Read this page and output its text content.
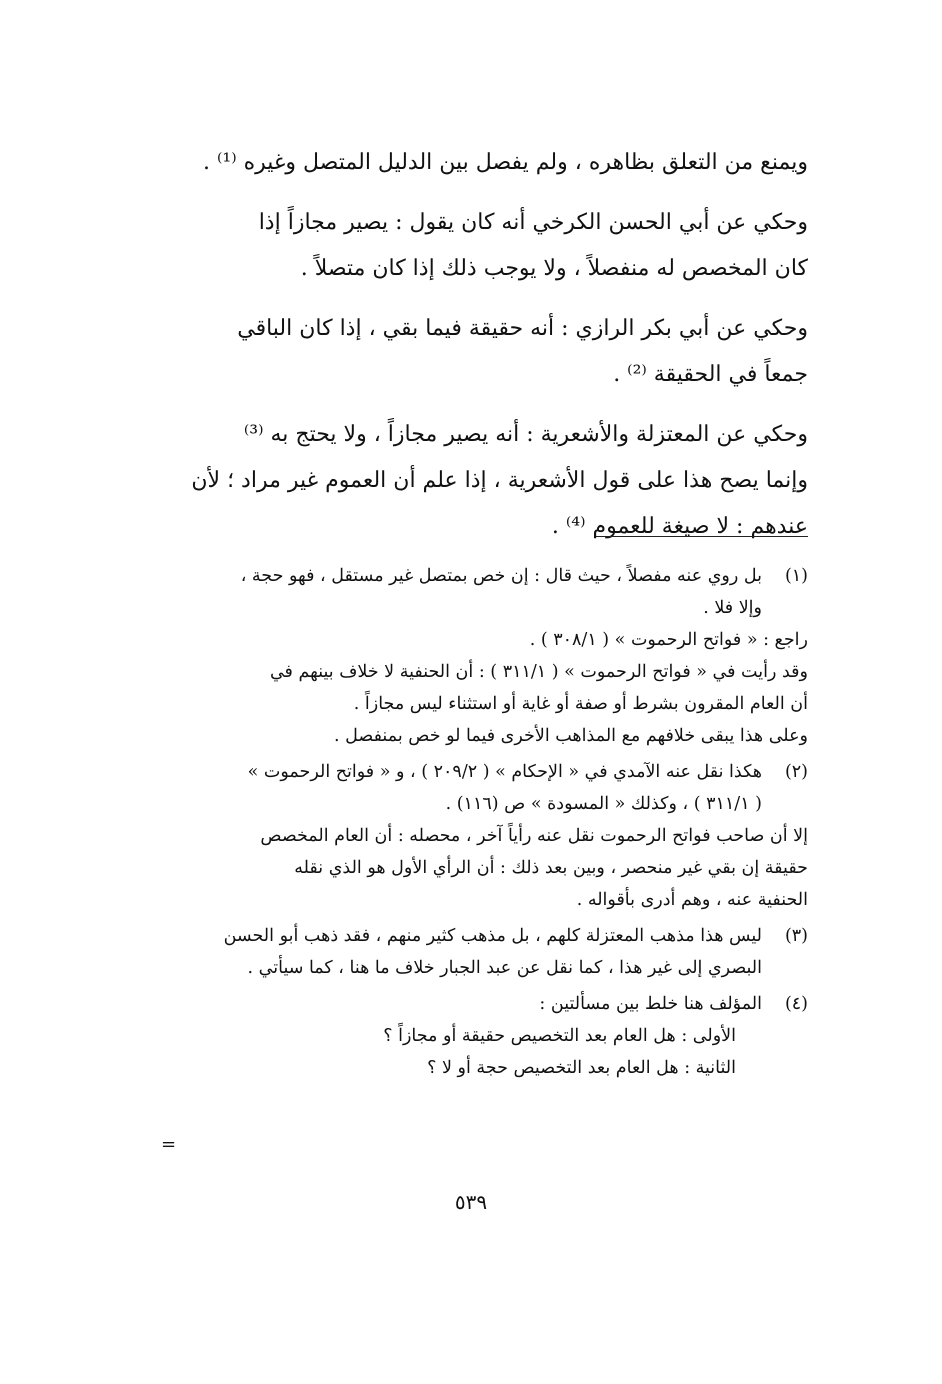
ويمنع من التعلق بظاهره ، ولم يفصل بين الدليل المتصل وغيره ⁽¹⁾ .

وحكي عن أبي الحسن الكرخي أنه كان يقول : يصير مجازاً إذا
كان المخصص له منفصلاً ، ولا يوجب ذلك إذا كان متصلاً .

وحكي عن أبي بكر الرازي : أنه حقيقة فيما بقي ، إذا كان الباقي
جمعاً في الحقيقة ⁽²⁾ .

وحكي عن المعتزلة والأشعرية : أنه يصير مجازاً ، ولا يحتج به ⁽³⁾
وإنما يصح هذا على قول الأشعرية ، إذا علم أن العموم غير مراد ؛ لأن
عندهم : لا صيغة للعموم ⁽⁴⁾ .

(١)
بل روي عنه مفصلاً ، حيث قال : إن خص بمتصل غير مستقل ، فهو حجة ،
وإلا فلا .
راجع : « فواتح الرحموت » ( ٣٠٨/١ ) .
وقد رأيت في « فواتح الرحموت » ( ٣١١/١ ) : أن الحنفية لا خلاف بينهم في
أن العام المقرون بشرط أو صفة أو غاية أو استثناء ليس مجازاً .
وعلى هذا يبقى خلافهم مع المذاهب الأخرى فيما لو خص بمنفصل .
(٢)
هكذا نقل عنه الآمدي في « الإحكام » ( ٢٠٩/٢ ) ، و « فواتح الرحموت »
( ٣١١/١ ) ، وكذلك « المسودة » ص (١١٦) .
إلا أن صاحب فواتح الرحموت نقل عنه رأياً آخر ، محصله : أن العام المخصص
حقيقة إن بقي غير منحصر ، وبين بعد ذلك : أن الرأي الأول هو الذي نقله
الحنفية عنه ، وهم أدرى بأقواله .
(٣)
ليس هذا مذهب المعتزلة كلهم ، بل مذهب كثير منهم ، فقد ذهب أبو الحسن
البصري إلى غير هذا ، كما نقل عن عبد الجبار خلاف ما هنا ، كما سيأتي .
(٤)
المؤلف هنا خلط بين مسألتين :
الأولى : هل العام بعد التخصيص حقيقة أو مجازاً ؟
الثانية : هل العام بعد التخصيص حجة أو لا ؟
=
٥٣٩
